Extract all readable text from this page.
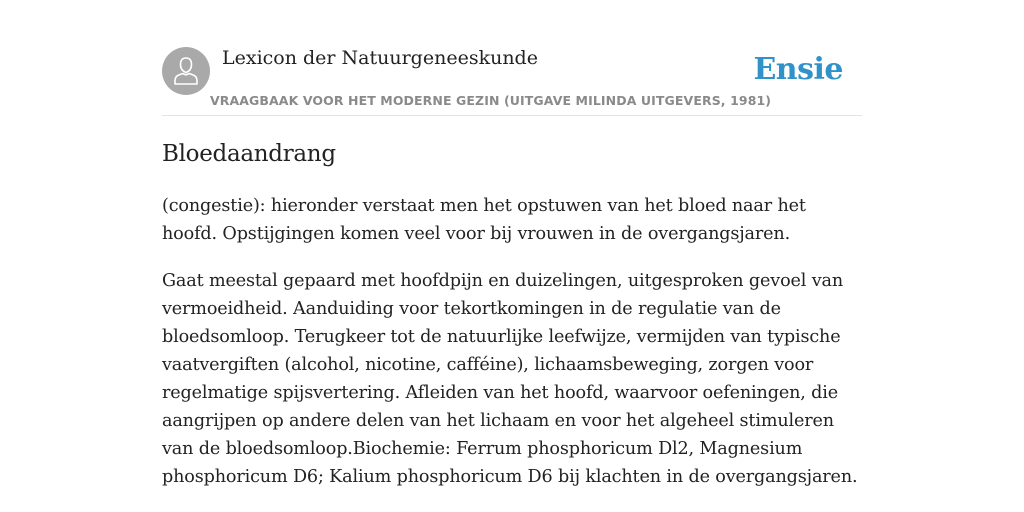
Lexicon der Natuurgeneeskunde
VRAAGBAAK VOOR HET MODERNE GEZIN (UITGAVE MILINDA UITGEVERS, 1981)
Ensie
Bloedaandrang

(congestie): hieronder verstaat men het opstuwen van het bloed naar het hoofd. Opstijgingen komen veel voor bij vrouwen in de overgangsjaren.

Gaat meestal gepaard met hoofdpijn en duizelingen, uitgesproken gevoel van vermoeidheid. Aanduiding voor tekortkomingen in de regulatie van de bloedsomloop. Terugkeer tot de natuurlijke leefwijze, vermijden van typische vaatvergiften (alcohol, nicotine, cafféine), lichaamsbeweging, zorgen voor regelmatige spijsvertering. Afleiden van het hoofd, waarvoor oefeningen, die aangrijpen op andere delen van het lichaam en voor het algeheel stimuleren van de bloedsomloop.Biochemie: Ferrum phosphoricum Dl2, Magnesium phosphoricum D6; Kalium phosphoricum D6 bij klachten in de overgangsjaren.
